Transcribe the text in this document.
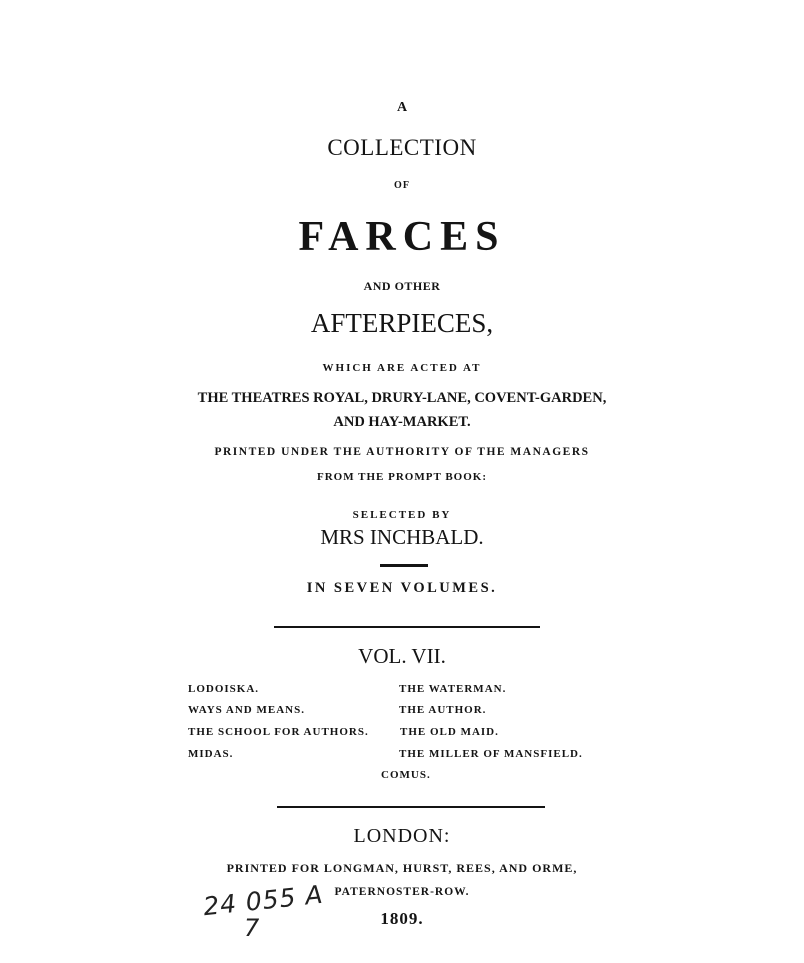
A
COLLECTION
OF
FARCES
AND OTHER
AFTERPIECES,
WHICH ARE ACTED AT
THE THEATRES ROYAL, DRURY-LANE, COVENT-GARDEN,
AND HAY-MARKET.
PRINTED UNDER THE AUTHORITY OF THE MANAGERS
FROM THE PROMPT BOOK:
SELECTED BY
MRS INCHBALD.
IN SEVEN VOLUMES.
VOL. VII.
LODOISKA.
WAYS AND MEANS.
THE SCHOOL FOR AUTHORS.
MIDAS.
THE WATERMAN.
THE AUTHOR.
THE OLD MAID.
THE MILLER OF MANSFIELD.
COMUS.
LONDON:
PRINTED FOR LONGMAN, HURST, REES, AND ORME,
PATERNOSTER-ROW.
1809.
24 055 A
7
